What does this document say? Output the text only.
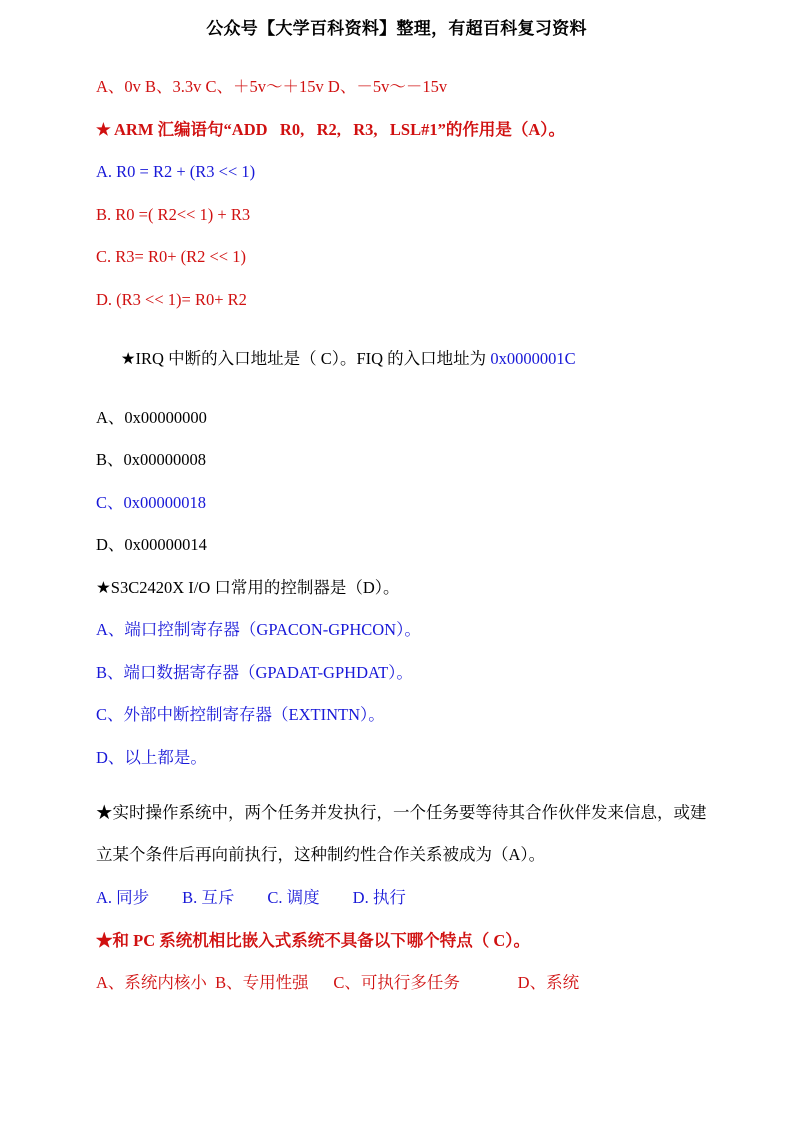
公众号【大学百科资料】整理，有超百科复习资料
A、0v B、3.3v C、＋5v～＋15v D、－5v～－15v
★ ARM 汇编语句“ADD   R0,   R2,   R3,   LSL#1”的作用是（A）。
A. R0 = R2 + (R3 << 1)
B. R0 =( R2<< 1) + R3
C. R3= R0+ (R2 << 1)
D. (R3 << 1)= R0+ R2

★IRQ 中断的入口地址是（ C）。FIQ 的入口地址为 0x0000001C

A、0x00000000
B、0x00000008
C、0x00000018
D、0x00000014
★S3C2420X I/O 口常用的控制器是（D）。
A、端口控制寄存器（GPACON-GPHCON）。
B、端口数据寄存器（GPADAT-GPHDAT）。
C、外部中断控制寄存器（EXTINTN）。
D、以上都是。
★实时操作系统中，两个任务并发执行，一个任务要等待其合作伙伴发来信息，或建立某个条件后再向前执行，这种制约性合作关系被成为（A）。
A. 同步        B. 互斥        C. 调度        D. 执行
★和 PC 系统机相比嵌入式系统不具备以下哪个特点（ C）。
A、系统内核小  B、专用性强      C、可执行多任务              D、系统
